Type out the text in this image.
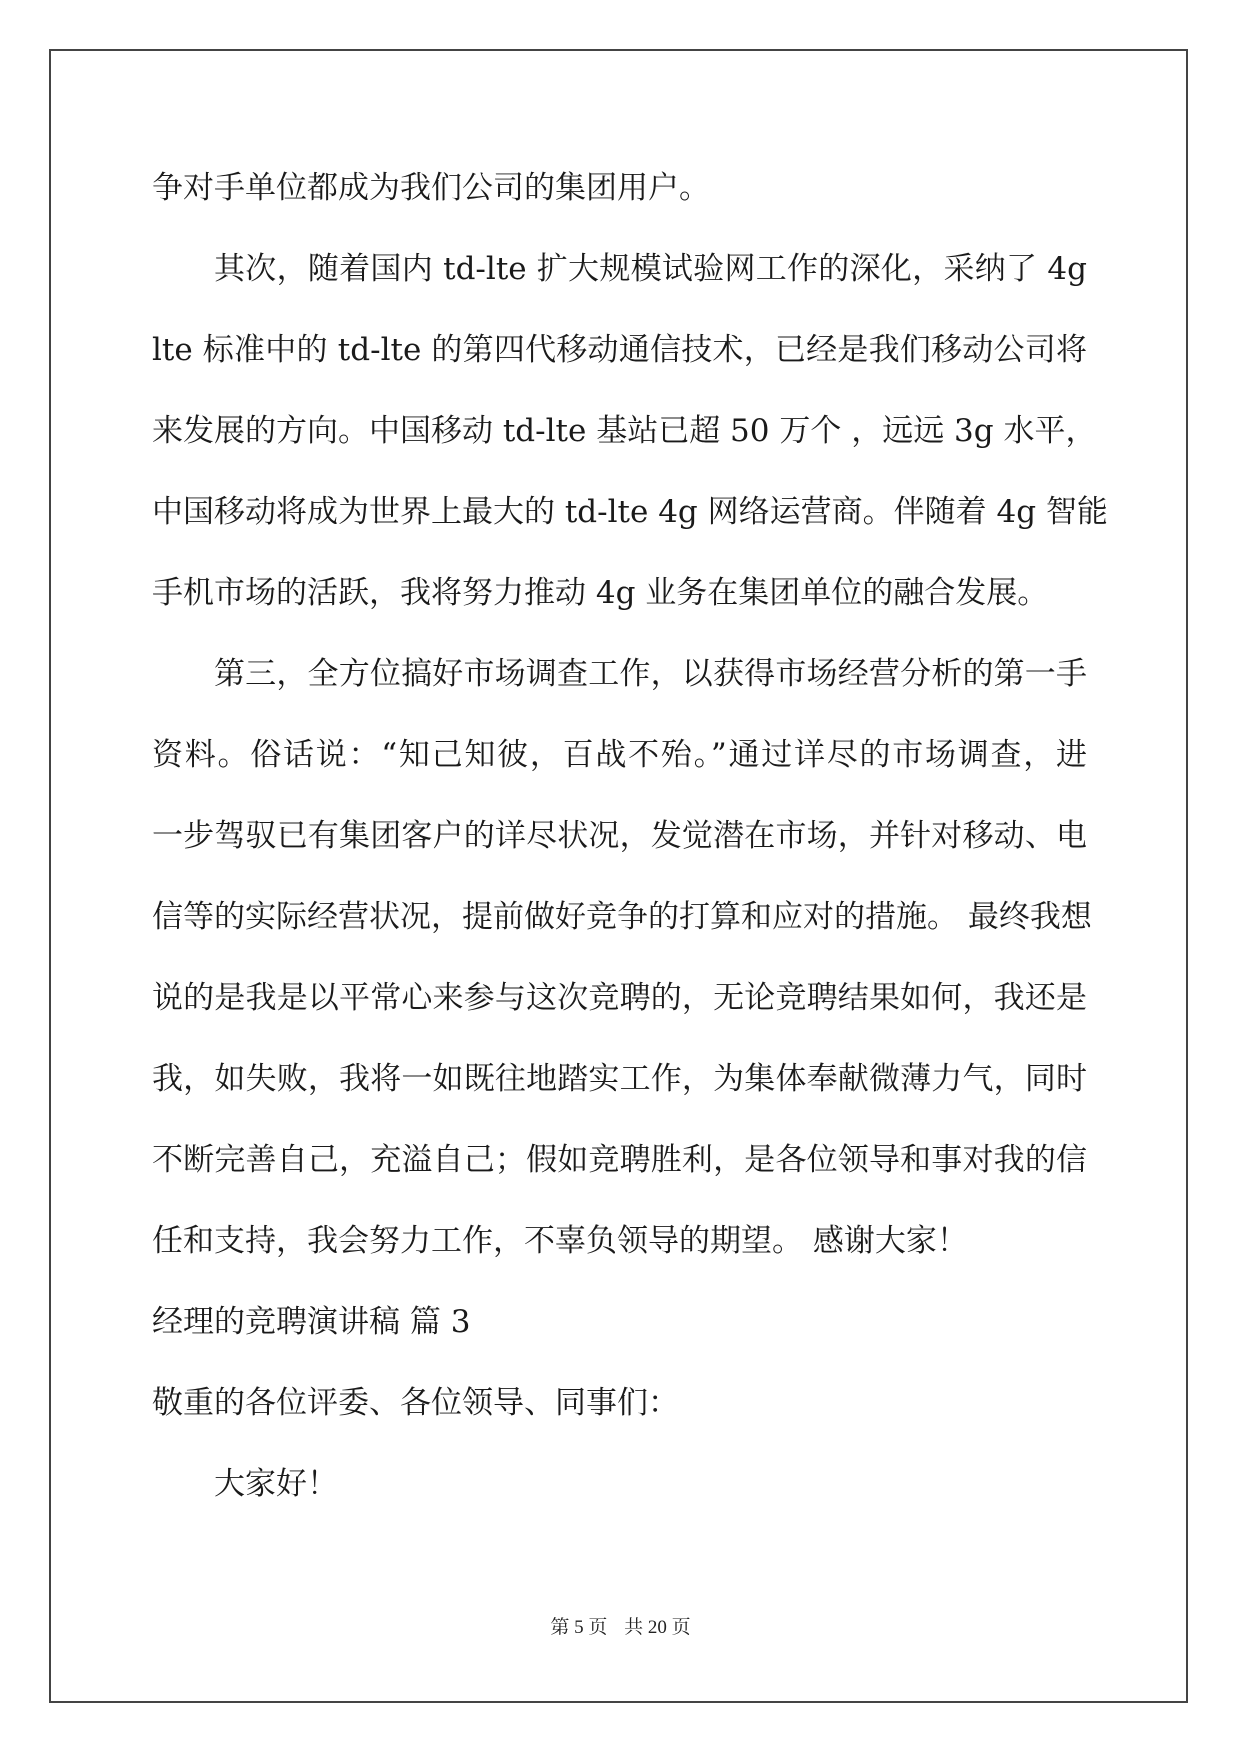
争对手单位都成为我们公司的集团用户。
其次，随着国内 td-lte 扩大规模试验网工作的深化，采纳了 4g
lte 标准中的 td-lte 的第四代移动通信技术，已经是我们移动公司将
来发展的方向。中国移动 td-lte 基站已超 50 万个 ，远远 3g 水平，
中国移动将成为世界上最大的 td-lte 4g 网络运营商。伴随着 4g 智能
手机市场的活跃，我将努力推动 4g 业务在集团单位的融合发展。
第三，全方位搞好市场调查工作，以获得市场经营分析的第一手
资料。俗话说：“知己知彼，百战不殆。”通过详尽的市场调查，进
一步驾驭已有集团客户的详尽状况，发觉潜在市场，并针对移动、电
信等的实际经营状况，提前做好竞争的打算和应对的措施。 最终我想
说的是我是以平常心来参与这次竞聘的，无论竞聘结果如何，我还是
我，如失败，我将一如既往地踏实工作，为集体奉献微薄力气，同时
不断完善自己，充溢自己；假如竞聘胜利，是各位领导和事对我的信
任和支持，我会努力工作，不辜负领导的期望。 感谢大家！
经理的竞聘演讲稿 篇 3
敬重的各位评委、各位领导、同事们：
大家好！
第 5 页 共 20 页
